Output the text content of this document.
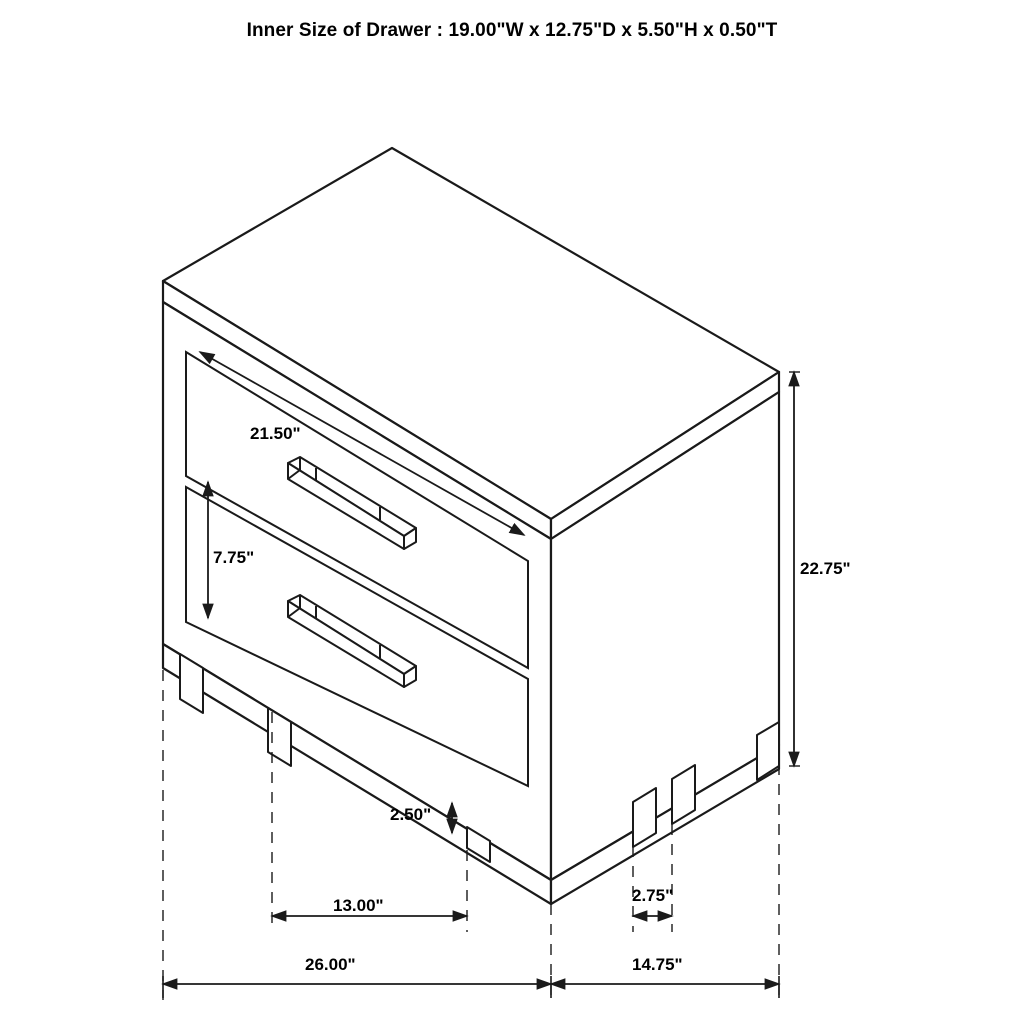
Inner Size of Drawer : 19.00"W x 12.75"D x 5.50"H x 0.50"T
21.50"
7.75"
22.75"
2.50"
13.00"
2.75"
26.00"	14.75"
